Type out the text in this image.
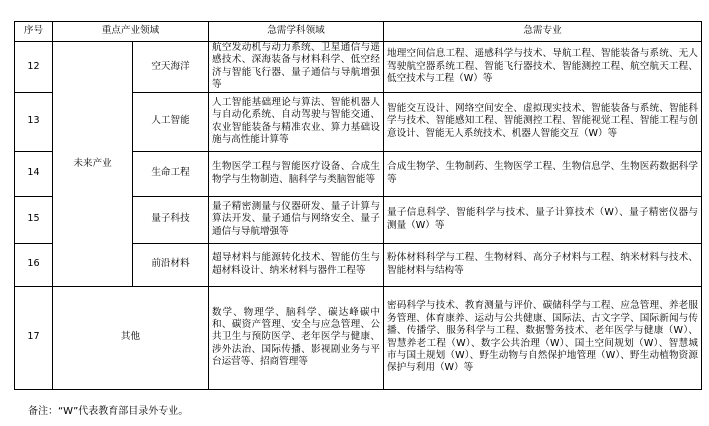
序号	重点产业领域		急需学科领域	急需专业
12	未来产业	空天海洋	航空发动机与动力系统、卫星通信与遥感技术、深海装备与材料科学、低空经济与智能飞行器、量子通信与导航增强等	地理空间信息工程、遥感科学与技术、导航工程、智能装备与系统、无人驾驶航空器系统工程、智能飞行器技术、智能测控工程、航空航天工程、低空技术与工程（W）等
13		人工智能	人工智能基础理论与算法、智能机器人与自动化系统、自动驾驶与智能交通、农业智能装备与精准农业、算力基础设施与高性能计算等	智能交互设计、网络空间安全、虚拟现实技术、智能装备与系统、智能科学与技术、智能感知工程、智能测控工程、智能视觉工程、智能工程与创意设计、智能无人系统技术、机器人智能交互（W）等
14		生命工程	生物医学工程与智能医疗设备、合成生物学与生物制造、脑科学与类脑智能等	合成生物学、生物制药、生物医学工程、生物信息学、生物医药数据科学等
15		量子科技	量子精密测量与仪器研发、量子计算与算法开发、量子通信与网络安全、量子通信与导航增强等	量子信息科学、智能科学与技术、量子计算技术（W）、量子精密仪器与测量（W）等
16		前沿材料	超导材料与能源转化技术、智能仿生与超材料设计、纳米材料与器件工程等	粉体材料科学与工程、生物材料、高分子材料与工程、纳米材料与技术、智能材料与结构等
17	其他		数学、物理学、脑科学、碳达峰碳中和、碳资产管理、安全与应急管理、公共卫生与预防医学、老年医学与健康、涉外法治、国际传播、影视剧业务与平台运营等、招商管理等	密码科学与技术、教育测量与评价、碳储科学与工程、应急管理、养老服务管理、体育康养、运动与公共健康、国际法、古文字学、国际新闻与传播、传播学、服务科学与工程、数据警务技术、老年医学与健康（W）、智慧养老工程（W）、数字公共治理（W）、国土空间规划（W）、智慧城市与国土规划（W）、野生动物与自然保护地管理（W）、野生动植物资源保护与利用（W）等
备注：“W”代表教育部目录外专业。
